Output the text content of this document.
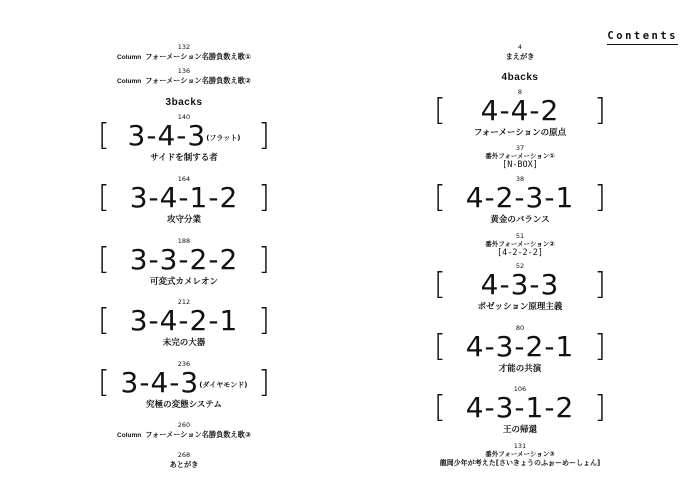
Contents
132
Column フォーメーション名勝負数え歌①
136
Column フォーメーション名勝負数え歌②
3backs
140
[ 3-4-3$^{(フラット)}$ ]
サイドを制する者
164
[ 3-4-1-2 ]
攻守分業
188
[ 3-3-2-2 ]
可変式カメレオン
212
[ 3-4-2-1 ]
未完の大器
236
[ 3-4-3$^{(ダイヤモンド)}$ ]
究極の変態システム
260
Column フォーメーション名勝負数え歌③
268
あとがき
4
まえがき
4backs
8
[	4-4-2	]
フォーメーションの原点
37
番外フォーメーション①
[N-BOX]
38
[ 4-2-3-1 ]
黄金のバランス
51
番外フォーメーション②
[4-2-2-2]
52
[	4-3-3	]
ポゼッション原理主義
80
[ 4-3-2-1 ]
才能の共演
106
[ 4-3-1-2 ]
王の帰還
131
番外フォーメーション③
龍岡少年が考えた[さいきょうのふぉーめーしょん]
